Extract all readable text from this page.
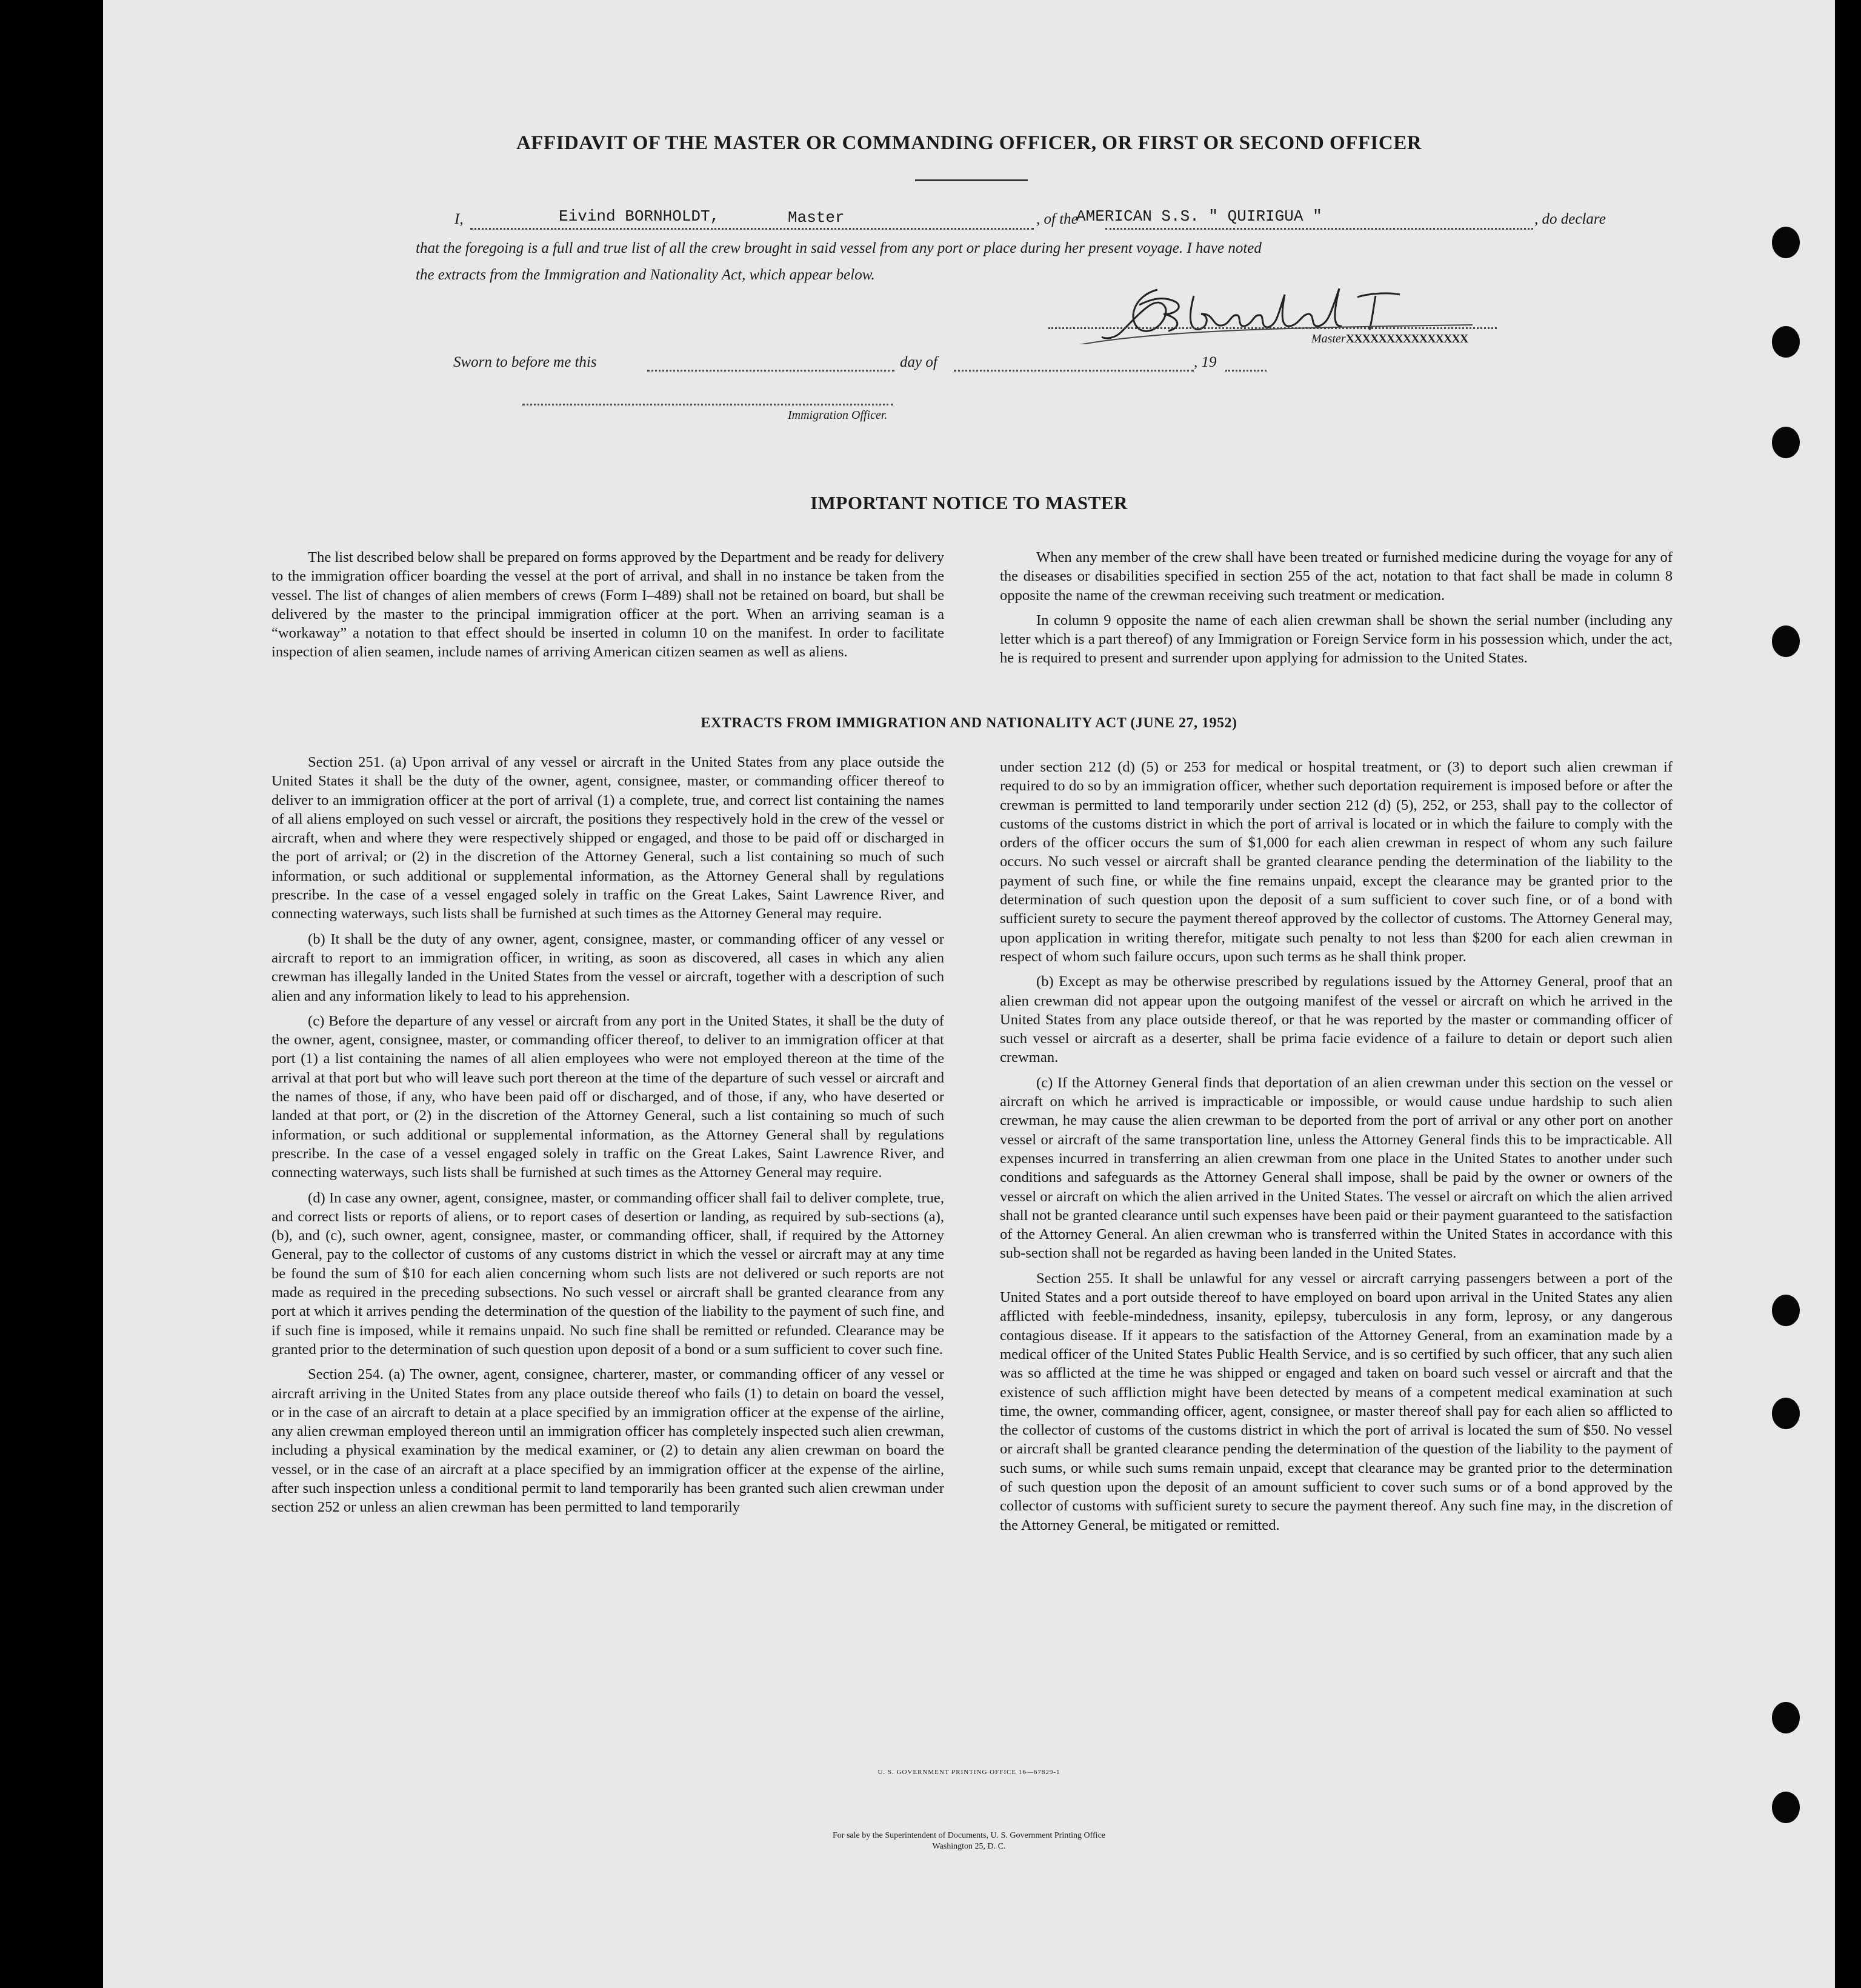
AFFIDAVIT OF THE MASTER OR COMMANDING OFFICER, OR FIRST OR SECOND OFFICER
I,	Eivind BORNHOLDT,	Master	, of the
AMERICAN S.S. " QUIRIGUA "	, do declare
that the foregoing is a full and true list of all the crew brought in said vessel from any port or place during her present voyage. I have noted
the extracts from the Immigration and Nationality Act, which appear below.
MasterXXXXXXXXXXXXXXX
Sworn to before me this	day of	, 19
Immigration Officer.
IMPORTANT NOTICE TO MASTER

The list described below shall be prepared on forms approved by the Department and be ready for delivery to the immigration officer boarding the vessel at the port of arrival, and shall in no instance be taken from the vessel. The list of changes of alien members of crews (Form I–489) shall not be retained on board, but shall be delivered by the master to the principal immigration officer at the port. When an arriving seaman is a “workaway” a notation to that effect should be inserted in column 10 on the manifest. In order to facilitate inspection of alien seamen, include names of arriving American citizen seamen as well as aliens.

When any member of the crew shall have been treated or furnished medicine during the voyage for any of the diseases or disabilities specified in section 255 of the act, notation to that fact shall be made in column 8 opposite the name of the crewman receiving such treatment or medication.

In column 9 opposite the name of each alien crewman shall be shown the serial number (including any letter which is a part thereof) of any Immigration or Foreign Service form in his possession which, under the act, he is required to present and surrender upon applying for admission to the United States.

EXTRACTS FROM IMMIGRATION AND NATIONALITY ACT (JUNE 27, 1952)

Section 251. (a) Upon arrival of any vessel or aircraft in the United States from any place outside the United States it shall be the duty of the owner, agent, consignee, master, or commanding officer thereof to deliver to an immigration officer at the port of arrival (1) a complete, true, and correct list containing the names of all aliens employed on such vessel or aircraft, the positions they respectively hold in the crew of the vessel or aircraft, when and where they were respectively shipped or engaged, and those to be paid off or discharged in the port of arrival; or (2) in the discretion of the Attorney General, such a list containing so much of such information, or such additional or supplemental information, as the Attorney General shall by regulations prescribe. In the case of a vessel engaged solely in traffic on the Great Lakes, Saint Lawrence River, and connecting waterways, such lists shall be furnished at such times as the Attorney General may require.

(b) It shall be the duty of any owner, agent, consignee, master, or commanding officer of any vessel or aircraft to report to an immigration officer, in writing, as soon as discovered, all cases in which any alien crewman has illegally landed in the United States from the vessel or aircraft, together with a description of such alien and any information likely to lead to his apprehension.

(c) Before the departure of any vessel or aircraft from any port in the United States, it shall be the duty of the owner, agent, consignee, master, or commanding officer thereof, to deliver to an immigration officer at that port (1) a list containing the names of all alien employees who were not employed thereon at the time of the arrival at that port but who will leave such port thereon at the time of the departure of such vessel or aircraft and the names of those, if any, who have been paid off or discharged, and of those, if any, who have deserted or landed at that port, or (2) in the discretion of the Attorney General, such a list containing so much of such information, or such additional or supplemental information, as the Attorney General shall by regulations prescribe. In the case of a vessel engaged solely in traffic on the Great Lakes, Saint Lawrence River, and connecting waterways, such lists shall be furnished at such times as the Attorney General may require.

(d) In case any owner, agent, consignee, master, or commanding officer shall fail to deliver complete, true, and correct lists or reports of aliens, or to report cases of desertion or landing, as required by sub-sections (a), (b), and (c), such owner, agent, consignee, master, or commanding officer, shall, if required by the Attorney General, pay to the collector of customs of any customs district in which the vessel or aircraft may at any time be found the sum of $10 for each alien concerning whom such lists are not delivered or such reports are not made as required in the preceding subsections. No such vessel or aircraft shall be granted clearance from any port at which it arrives pending the determination of the question of the liability to the payment of such fine, and if such fine is imposed, while it remains unpaid. No such fine shall be remitted or refunded. Clearance may be granted prior to the determination of such question upon deposit of a bond or a sum sufficient to cover such fine.

Section 254. (a) The owner, agent, consignee, charterer, master, or commanding officer of any vessel or aircraft arriving in the United States from any place outside thereof who fails (1) to detain on board the vessel, or in the case of an aircraft to detain at a place specified by an immigration officer at the expense of the airline, any alien crewman employed thereon until an immigration officer has completely inspected such alien crewman, including a physical examination by the medical examiner, or (2) to detain any alien crewman on board the vessel, or in the case of an aircraft at a place specified by an immigration officer at the expense of the airline, after such inspection unless a conditional permit to land temporarily has been granted such alien crewman under section 252 or unless an alien crewman has been permitted to land temporarily

under section 212 (d) (5) or 253 for medical or hospital treatment, or (3) to deport such alien crewman if required to do so by an immigration officer, whether such deportation requirement is imposed before or after the crewman is permitted to land temporarily under section 212 (d) (5), 252, or 253, shall pay to the collector of customs of the customs district in which the port of arrival is located or in which the failure to comply with the orders of the officer occurs the sum of $1,000 for each alien crewman in respect of whom any such failure occurs. No such vessel or aircraft shall be granted clearance pending the determination of the liability to the payment of such fine, or while the fine remains unpaid, except the clearance may be granted prior to the determination of such question upon the deposit of a sum sufficient to cover such fine, or of a bond with sufficient surety to secure the payment thereof approved by the collector of customs. The Attorney General may, upon application in writing therefor, mitigate such penalty to not less than $200 for each alien crewman in respect of whom such failure occurs, upon such terms as he shall think proper.

(b) Except as may be otherwise prescribed by regulations issued by the Attorney General, proof that an alien crewman did not appear upon the outgoing manifest of the vessel or aircraft on which he arrived in the United States from any place outside thereof, or that he was reported by the master or commanding officer of such vessel or aircraft as a deserter, shall be prima facie evidence of a failure to detain or deport such alien crewman.

(c) If the Attorney General finds that deportation of an alien crewman under this section on the vessel or aircraft on which he arrived is impracticable or impossible, or would cause undue hardship to such alien crewman, he may cause the alien crewman to be deported from the port of arrival or any other port on another vessel or aircraft of the same transportation line, unless the Attorney General finds this to be impracticable. All expenses incurred in transferring an alien crewman from one place in the United States to another under such conditions and safeguards as the Attorney General shall impose, shall be paid by the owner or owners of the vessel or aircraft on which the alien arrived in the United States. The vessel or aircraft on which the alien arrived shall not be granted clearance until such expenses have been paid or their payment guaranteed to the satisfaction of the Attorney General. An alien crewman who is transferred within the United States in accordance with this sub-section shall not be regarded as having been landed in the United States.

Section 255. It shall be unlawful for any vessel or aircraft carrying passengers between a port of the United States and a port outside thereof to have employed on board upon arrival in the United States any alien afflicted with feeble-mindedness, insanity, epilepsy, tuberculosis in any form, leprosy, or any dangerous contagious disease. If it appears to the satisfaction of the Attorney General, from an examination made by a medical officer of the United States Public Health Service, and is so certified by such officer, that any such alien was so afflicted at the time he was shipped or engaged and taken on board such vessel or aircraft and that the existence of such affliction might have been detected by means of a competent medical examination at such time, the owner, commanding officer, agent, consignee, or master thereof shall pay for each alien so afflicted to the collector of customs of the customs district in which the port of arrival is located the sum of $50. No vessel or aircraft shall be granted clearance pending the determination of the question of the liability to the payment of such sums, or while such sums remain unpaid, except that clearance may be granted prior to the determination of such question upon the deposit of an amount sufficient to cover such sums or of a bond approved by the collector of customs with sufficient surety to secure the payment thereof. Any such fine may, in the discretion of the Attorney General, be mitigated or remitted.

U. S. GOVERNMENT PRINTING OFFICE 16—67829-1
For sale by the Superintendent of Documents, U. S. Government Printing Office
Washington 25, D. C.
